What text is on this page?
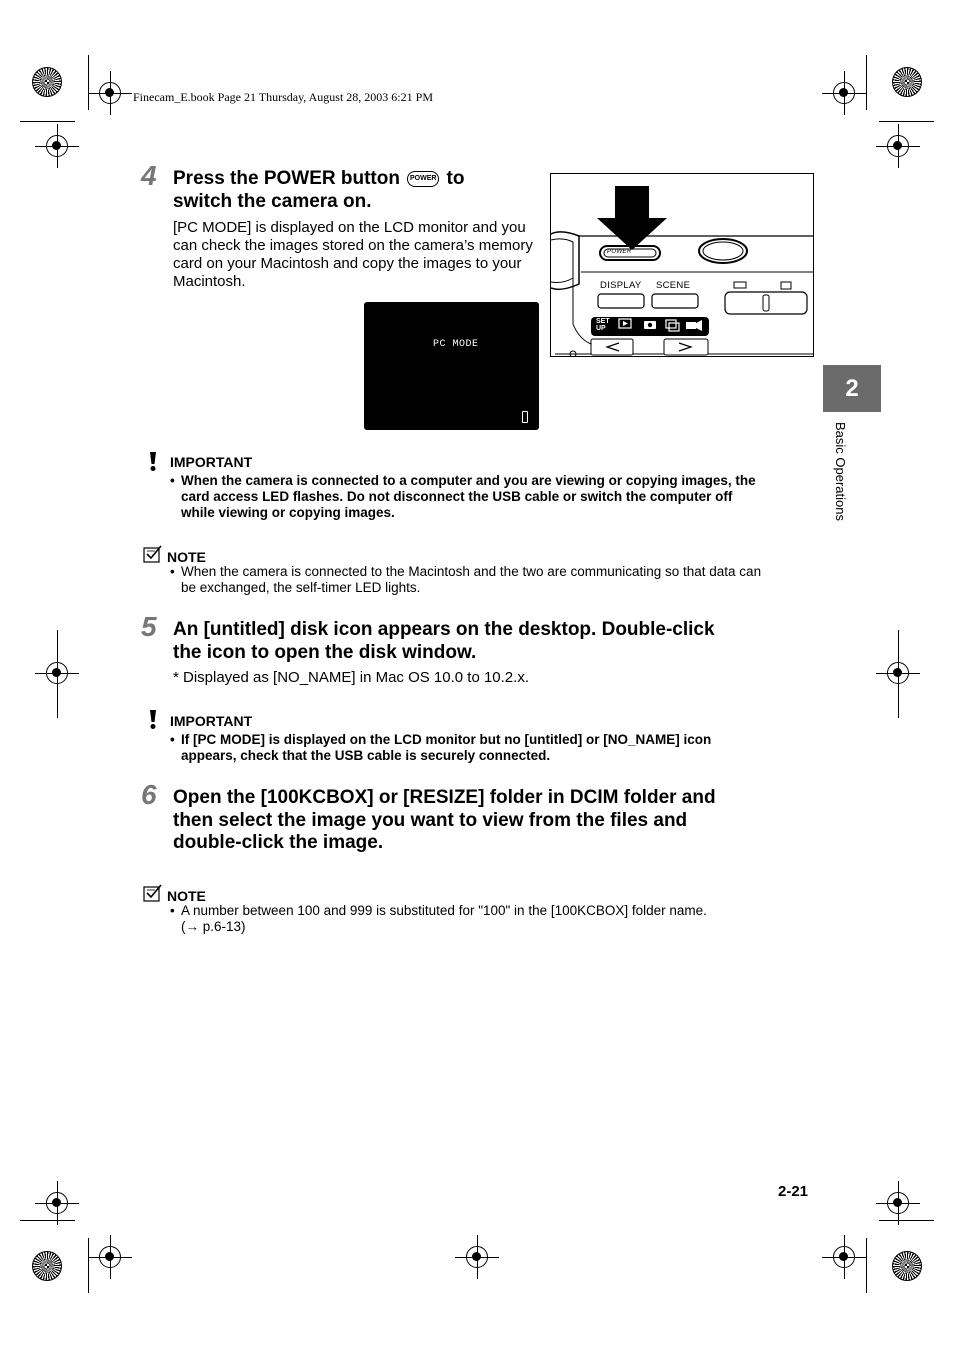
Finecam_E.book Page 21 Thursday, August 28, 2003 6:21 PM
4 Press the POWER button POWER to
switch the camera on.
[PC MODE] is displayed on the LCD monitor and you can check the images stored on the camera’s memory card on your Macintosh and copy the images to your Macintosh.
PC MODE
DISPLAY SCENE
POWER
SET UP
IMPORTANT
• When the camera is connected to a computer and you are viewing or copying images, the
card access LED flashes. Do not disconnect the USB cable or switch the computer off
while viewing or copying images.
NOTE
• When the camera is connected to the Macintosh and the two are communicating so that data can
be exchanged, the self-timer LED lights.
5 An [untitled] disk icon appears on the desktop. Double-click
the icon to open the disk window.
* Displayed as [NO_NAME] in Mac OS 10.0 to 10.2.x.
IMPORTANT
• If [PC MODE] is displayed on the LCD monitor but no [untitled] or [NO_NAME] icon
appears, check that the USB cable is securely connected.
6 Open the [100KCBOX] or [RESIZE] folder in DCIM folder and
then select the image you want to view from the files and
double-click the image.
NOTE
• A number between 100 and 999 is substituted for "100" in the [100KCBOX] folder name.
(→ p.6-13)
2
Basic Operations
2-21
